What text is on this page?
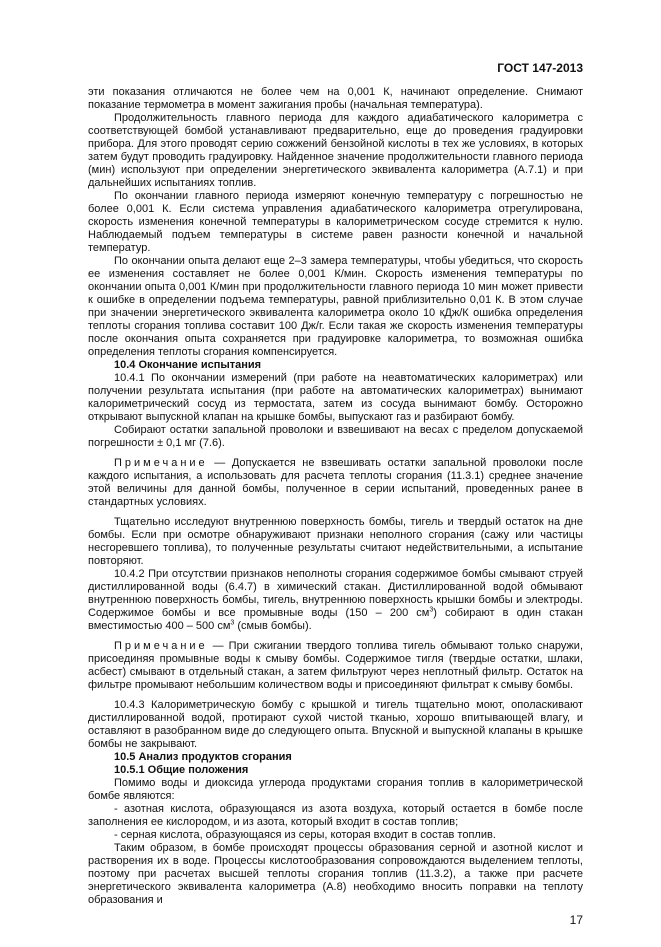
ГОСТ 147-2013

эти показания отличаются не более чем на 0,001 К, начинают определение. Снимают показание термометра в момент зажигания пробы (начальная температура).

Продолжительность главного периода для каждого адиабатического калориметра с соответствующей бомбой устанавливают предварительно, еще до проведения градуировки прибора. Для этого проводят серию сожжений бензойной кислоты в тех же условиях, в которых затем будут проводить градуировку. Найденное значение продолжительности главного периода (мин) используют при определении энергетического эквивалента калориметра (А.7.1) и при дальнейших испытаниях топлив.

По окончании главного периода измеряют конечную температуру с погрешностью не более 0,001 К. Если система управления адиабатического калориметра отрегулирована, скорость изменения конечной температуры в калориметрическом сосуде стремится к нулю. Наблюдаемый подъем температуры в системе равен разности конечной и начальной температур.

По окончании опыта делают еще 2–3 замера температуры, чтобы убедиться, что скорость ее изменения составляет не более 0,001 К/мин. Скорость изменения температуры по окончании опыта 0,001 К/мин при продолжительности главного периода 10 мин может привести к ошибке в определении подъема температуры, равной приблизительно 0,01 К. В этом случае при значении энергетического эквивалента калориметра около 10 кДж/К ошибка определения теплоты сгорания топлива составит 100 Дж/г. Если такая же скорость изменения температуры после окончания опыта сохраняется при градуировке калориметра, то возможная ошибка определения теплоты сгорания компенсируется.

10.4 Окончание испытания

10.4.1 По окончании измерений (при работе на неавтоматических калориметрах) или получении результата испытания (при работе на автоматических калориметрах) вынимают калориметрический сосуд из термостата, затем из сосуда вынимают бомбу. Осторожно открывают выпускной клапан на крышке бомбы, выпускают газ и разбирают бомбу.

Собирают остатки запальной проволоки и взвешивают на весах с пределом допускаемой погрешности ± 0,1 мг (7.6).

Примечание — Допускается не взвешивать остатки запальной проволоки после каждого испытания, а использовать для расчета теплоты сгорания (11.3.1) среднее значение этой величины для данной бомбы, полученное в серии испытаний, проведенных ранее в стандартных условиях.

Тщательно исследуют внутреннюю поверхность бомбы, тигель и твердый остаток на дне бомбы. Если при осмотре обнаруживают признаки неполного сгорания (сажу или частицы несгоревшего топлива), то полученные результаты считают недействительными, а испытание повторяют.

10.4.2 При отсутствии признаков неполноты сгорания содержимое бомбы смывают струей дистиллированной воды (6.4.7) в химический стакан. Дистиллированной водой обмывают внутреннюю поверхность бомбы, тигель, внутреннюю поверхность крышки бомбы и электроды. Содержимое бомбы и все промывные воды (150 – 200 $см^3$) собирают в один стакан вместимостью 400 – 500 $см^3$ (смыв бомбы).

Примечание — При сжигании твердого топлива тигель обмывают только снаружи, присоединяя промывные воды к смыву бомбы. Содержимое тигля (твердые остатки, шлаки, асбест) смывают в отдельный стакан, а затем фильтруют через неплотный фильтр. Остаток на фильтре промывают небольшим количеством воды и присоединяют фильтрат к смыву бомбы.

10.4.3 Калориметрическую бомбу с крышкой и тигель тщательно моют, ополаскивают дистиллированной водой, протирают сухой чистой тканью, хорошо впитывающей влагу, и оставляют в разобранном виде до следующего опыта. Впускной и выпускной клапаны в крышке бомбы не закрывают.

10.5 Анализ продуктов сгорания
10.5.1 Общие положения

Помимо воды и диоксида углерода продуктами сгорания топлив в калориметрической бомбе являются:

- азотная кислота, образующаяся из азота воздуха, который остается в бомбе после заполнения ее кислородом, и из азота, который входит в состав топлив;

- серная кислота, образующаяся из серы, которая входит в состав топлив.

Таким образом, в бомбе происходят процессы образования серной и азотной кислот и растворения их в воде. Процессы кислотообразования сопровождаются выделением теплоты, поэтому при расчетах высшей теплоты сгорания топлив (11.3.2), а также при расчете энергетического эквивалента калориметра (А.8) необходимо вносить поправки на теплоту образования и

17
